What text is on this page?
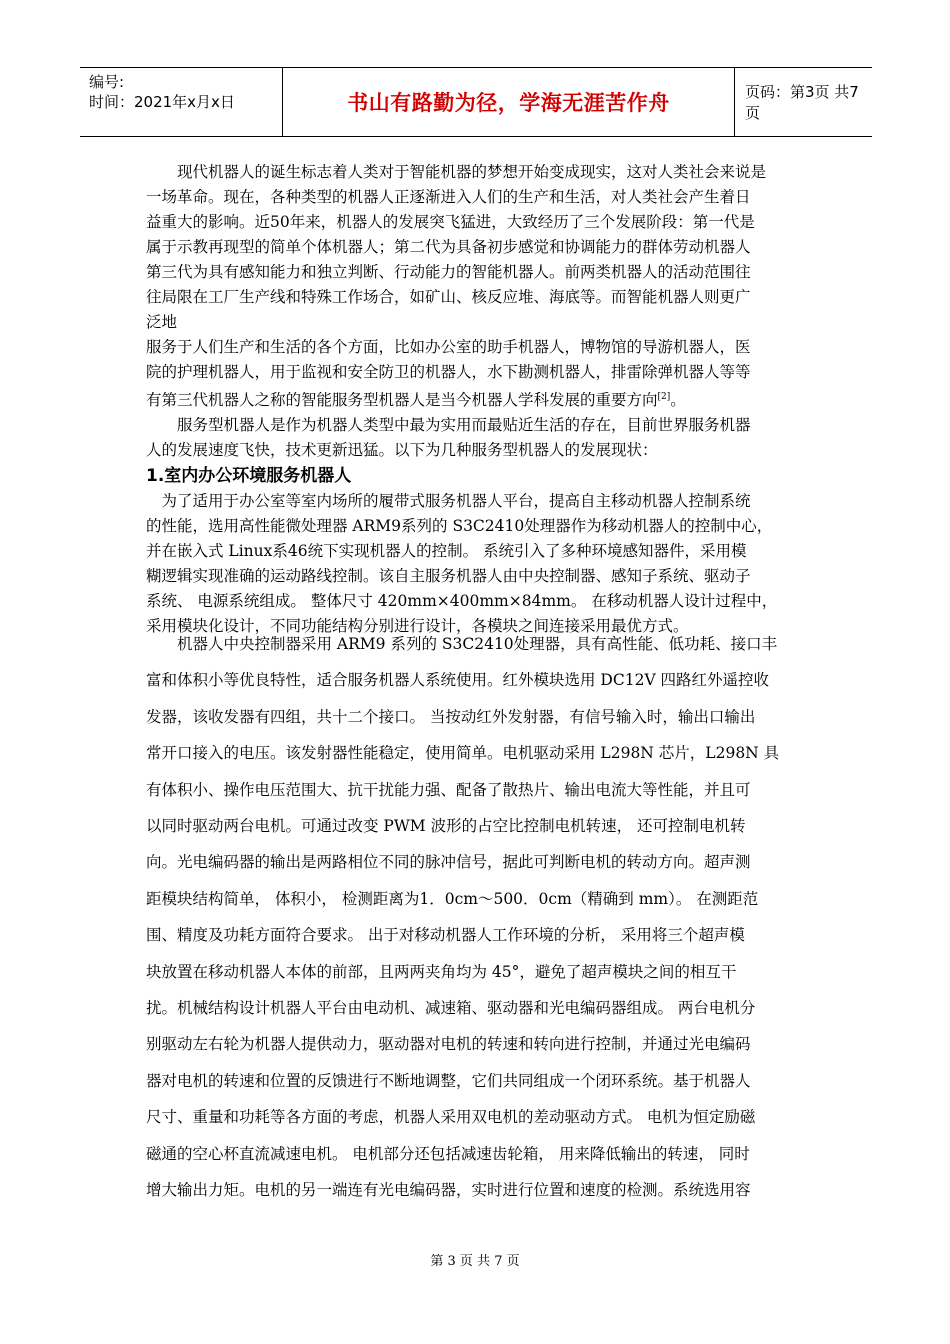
编号:
时间：2021年x月x日	书山有路勤为径，学海无涯苦作舟	页码：第3页 共7页

现代机器人的诞生标志着人类对于智能机器的梦想开始变成现实，这对人类社会来说是

一场革命。现在，各种类型的机器人正逐渐进入人们的生产和生活，对人类社会产生着日

益重大的影响。近50年来，机器人的发展突飞猛进，大致经历了三个发展阶段：第一代是

属于示教再现型的简单个体机器人；第二代为具备初步感觉和协调能力的群体劳动机器人

第三代为具有感知能力和独立判断、行动能力的智能机器人。前两类机器人的活动范围往

往局限在工厂生产线和特殊工作场合，如矿山、核反应堆、海底等。而智能机器人则更广

泛地

服务于人们生产和生活的各个方面，比如办公室的助手机器人，博物馆的导游机器人，医

院的护理机器人，用于监视和安全防卫的机器人，水下勘测机器人，排雷除弹机器人等等

有第三代机器人之称的智能服务型机器人是当今机器人学科发展的重要方向[2]。

服务型机器人是作为机器人类型中最为实用而最贴近生活的存在，目前世界服务机器

人的发展速度飞快，技术更新迅猛。以下为几种服务型机器人的发展现状：

1.室内办公环境服务机器人

为了适用于办公室等室内场所的履带式服务机器人平台，提高自主移动机器人控制系统

的性能，选用高性能微处理器 ARM9系列的 S3C2410处理器作为移动机器人的控制中心，

并在嵌入式 Linux系46统下实现机器人的控制。 系统引入了多种环境感知器件，采用模

糊逻辑实现准确的运动路线控制。该自主服务机器人由中央控制器、感知子系统、驱动子

系统、 电源系统组成。 整体尺寸 420mm×400mm×84mm。 在移动机器人设计过程中，

采用模块化设计，不同功能结构分别进行设计，各模块之间连接采用最优方式。

机器人中央控制器采用 ARM9 系列的 S3C2410处理器，具有高性能、低功耗、接口丰

富和体积小等优良特性，适合服务机器人系统使用。红外模块选用 DC12V 四路红外遥控收

发器，该收发器有四组，共十二个接口。 当按动红外发射器，有信号输入时，输出口输出

常开口接入的电压。该发射器性能稳定，使用简单。电机驱动采用 L298N 芯片，L298N 具

有体积小、操作电压范围大、抗干扰能力强、配备了散热片、输出电流大等性能，并且可

以同时驱动两台电机。可通过改变 PWM 波形的占空比控制电机转速， 还可控制电机转

向。光电编码器的输出是两路相位不同的脉冲信号，据此可判断电机的转动方向。超声测

距模块结构简单， 体积小， 检测距离为1．0cm～500．0cm（精确到 mm）。 在测距范

围、精度及功耗方面符合要求。 出于对移动机器人工作环境的分析， 采用将三个超声模

块放置在移动机器人本体的前部，且两两夹角均为 45°，避免了超声模块之间的相互干

扰。机械结构设计机器人平台由电动机、减速箱、驱动器和光电编码器组成。 两台电机分

别驱动左右轮为机器人提供动力，驱动器对电机的转速和转向进行控制，并通过光电编码

器对电机的转速和位置的反馈进行不断地调整，它们共同组成一个闭环系统。基于机器人

尺寸、重量和功耗等各方面的考虑，机器人采用双电机的差动驱动方式。 电机为恒定励磁

磁通的空心杯直流减速电机。 电机部分还包括减速齿轮箱， 用来降低输出的转速， 同时

增大输出力矩。电机的另一端连有光电编码器，实时进行位置和速度的检测。系统选用容

第 3 页 共 7 页
